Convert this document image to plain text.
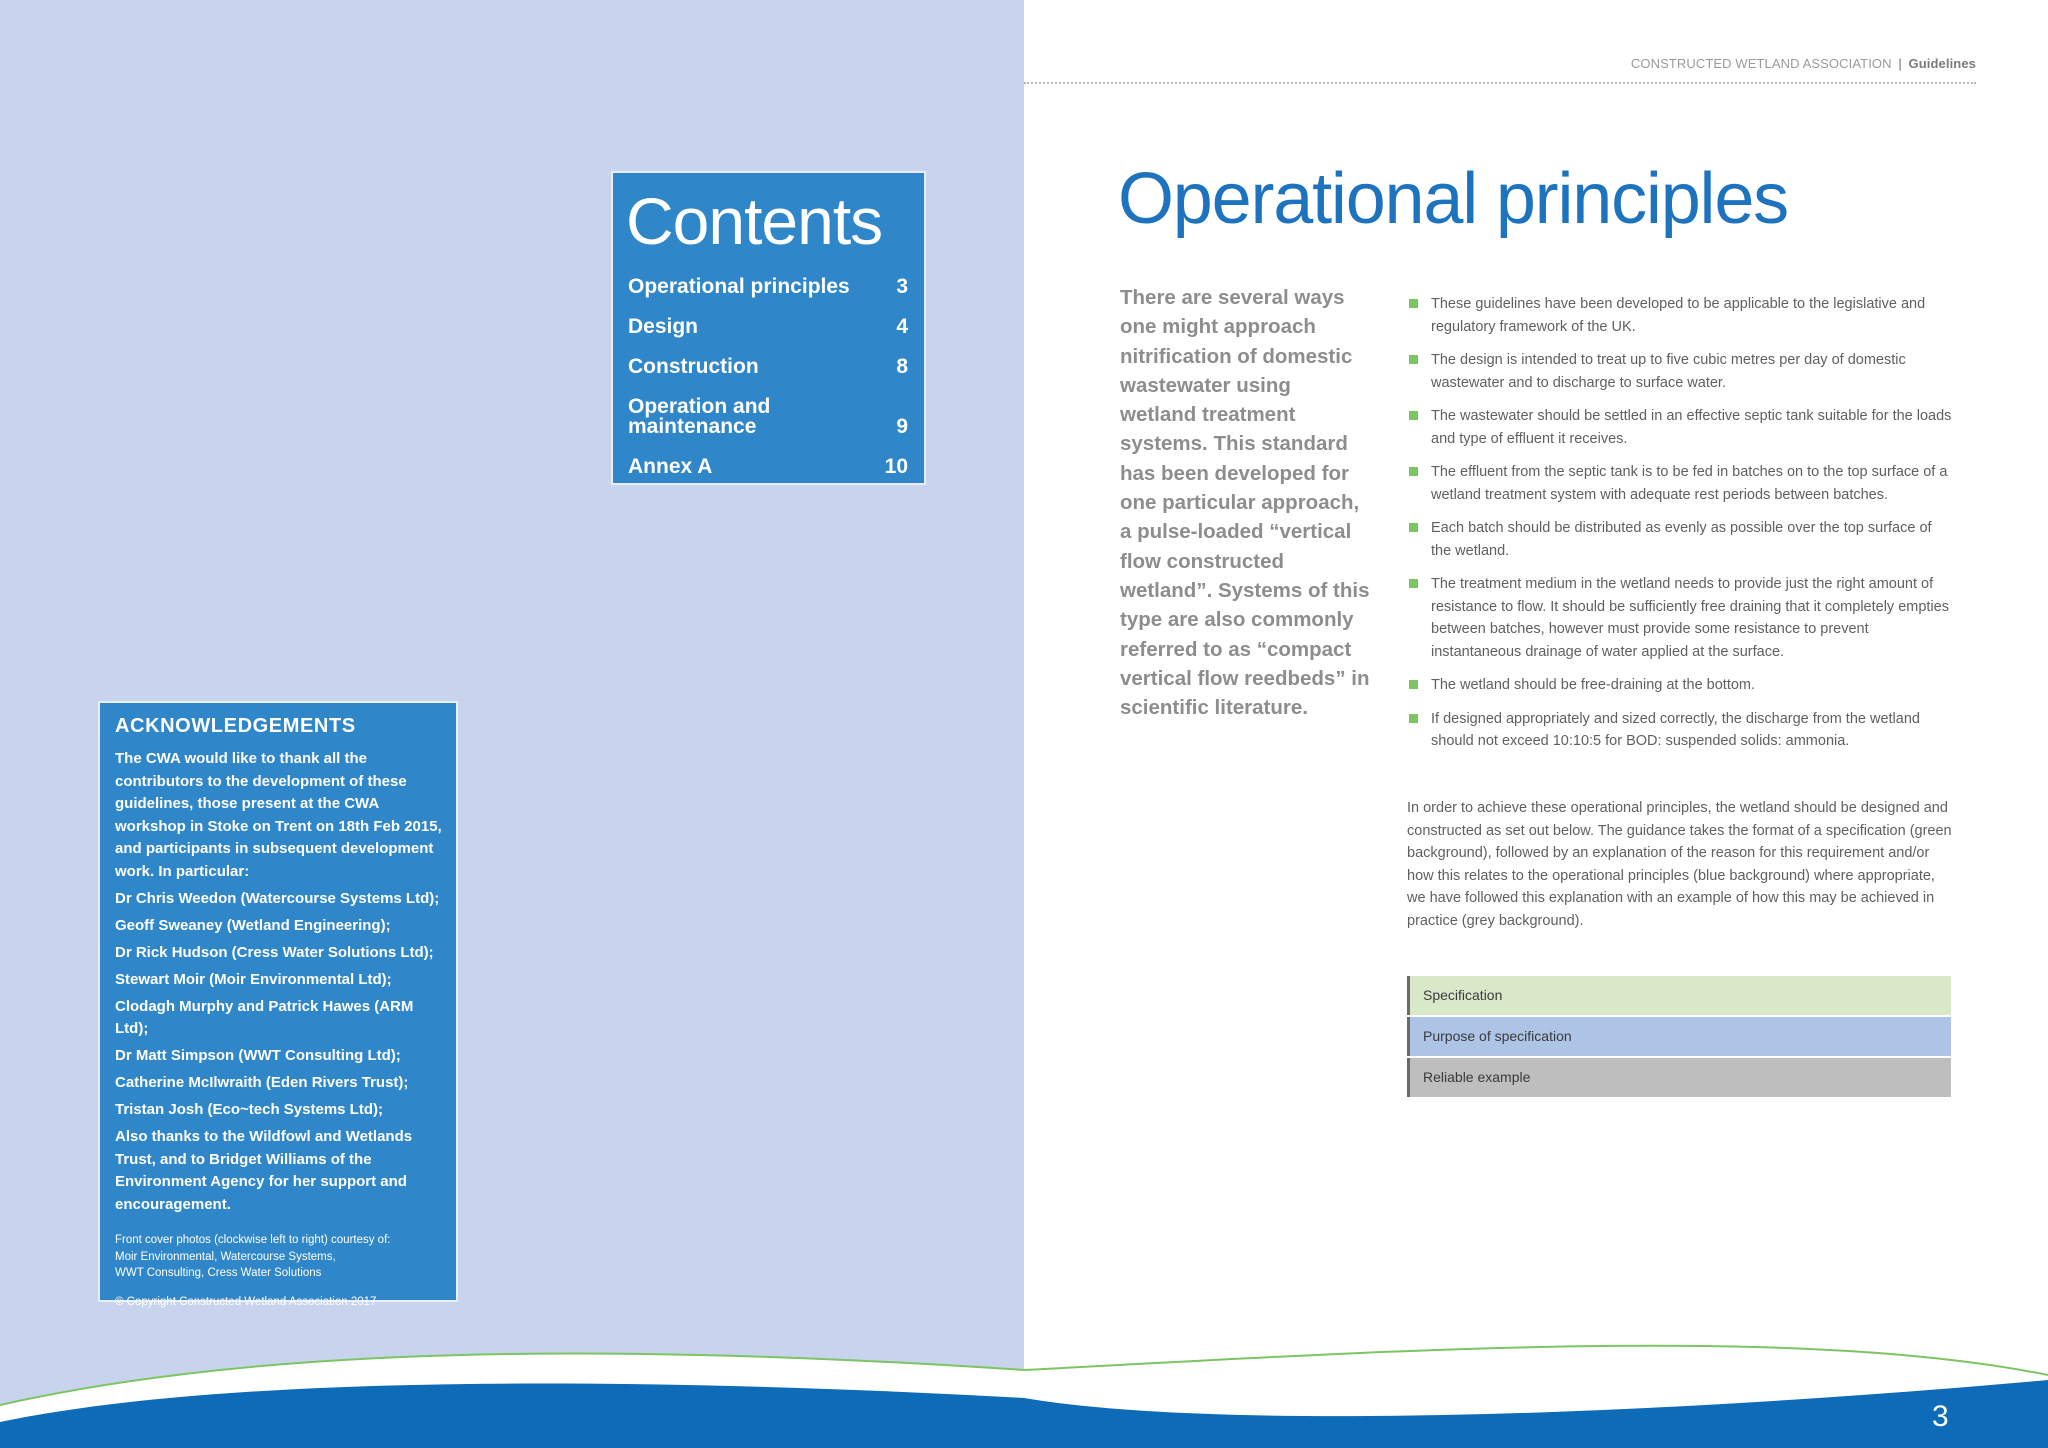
CONSTRUCTED WETLAND ASSOCIATION | Guidelines
Contents
Operational principles	3
Design	4
Construction	8
Operation and maintenance	9
Annex A	10
ACKNOWLEDGEMENTS
The CWA would like to thank all the contributors to the development of these guidelines, those present at the CWA workshop in Stoke on Trent on 18th Feb 2015, and participants in subsequent development work. In particular:
Dr Chris Weedon (Watercourse Systems Ltd);
Geoff Sweaney (Wetland Engineering);
Dr Rick Hudson (Cress Water Solutions Ltd);
Stewart Moir (Moir Environmental Ltd);
Clodagh Murphy and Patrick Hawes (ARM Ltd);
Dr Matt Simpson (WWT Consulting Ltd);
Catherine McIlwraith (Eden Rivers Trust);
Tristan Josh (Eco~tech Systems Ltd);
Also thanks to the Wildfowl and Wetlands Trust, and to Bridget Williams of the Environment Agency for her support and encouragement.
Front cover photos (clockwise left to right) courtesy of:
Moir Environmental, Watercourse Systems,
WWT Consulting, Cress Water Solutions
© Copyright Constructed Wetland Association 2017
Operational principles
There are several ways one might approach nitrification of domestic wastewater using wetland treatment systems. This standard has been developed for one particular approach, a pulse-loaded “vertical flow constructed wetland”. Systems of this type are also commonly referred to as “compact vertical flow reedbeds” in scientific literature.
These guidelines have been developed to be applicable to the legislative and regulatory framework of the UK.
The design is intended to treat up to five cubic metres per day of domestic wastewater and to discharge to surface water.
The wastewater should be settled in an effective septic tank suitable for the loads and type of effluent it receives.
The effluent from the septic tank is to be fed in batches on to the top surface of a wetland treatment system with adequate rest periods between batches.
Each batch should be distributed as evenly as possible over the top surface of the wetland.
The treatment medium in the wetland needs to provide just the right amount of resistance to flow. It should be sufficiently free draining that it completely empties between batches, however must provide some resistance to prevent instantaneous drainage of water applied at the surface.
The wetland should be free-draining at the bottom.
If designed appropriately and sized correctly, the discharge from the wetland should not exceed 10:10:5 for BOD: suspended solids: ammonia.

In order to achieve these operational principles, the wetland should be designed and constructed as set out below. The guidance takes the format of a specification (green background), followed by an explanation of the reason for this requirement and/or how this relates to the operational principles (blue background) where appropriate, we have followed this explanation with an example of how this may be achieved in practice (grey background).

Specification
Purpose of specification
Reliable example
3
